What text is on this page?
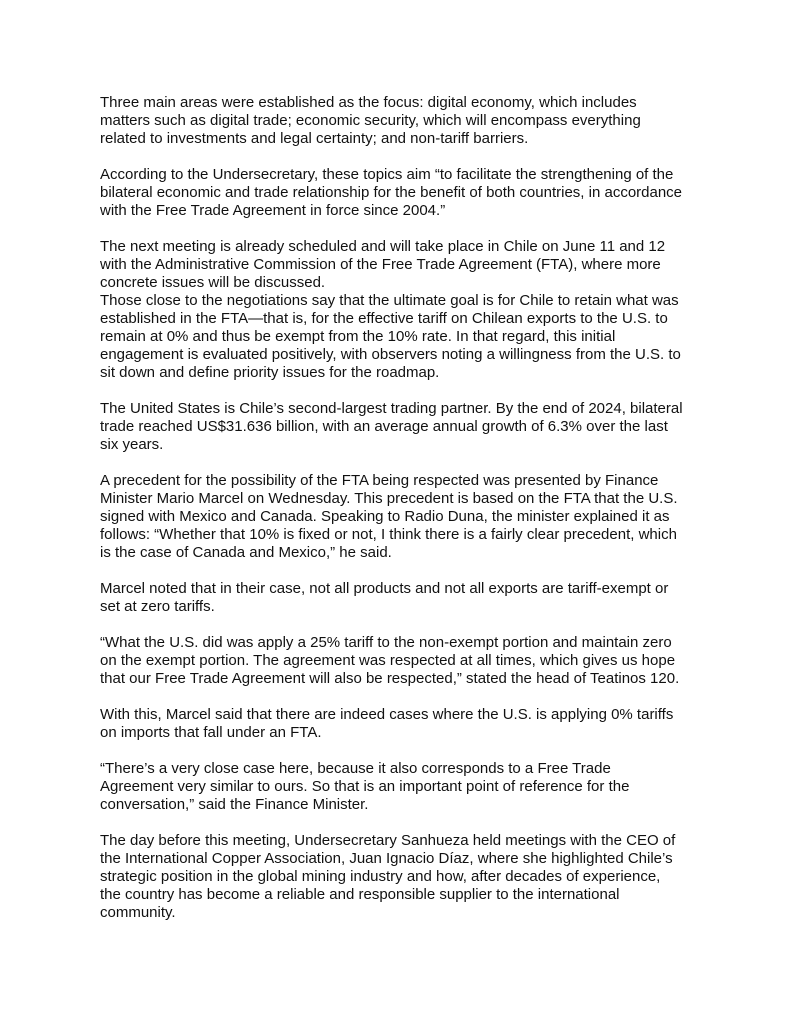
Three main areas were established as the focus: digital economy, which includes
matters such as digital trade; economic security, which will encompass everything
related to investments and legal certainty; and non-tariff barriers.

According to the Undersecretary, these topics aim “to facilitate the strengthening of the
bilateral economic and trade relationship for the benefit of both countries, in accordance
with the Free Trade Agreement in force since 2004.”

The next meeting is already scheduled and will take place in Chile on June 11 and 12
with the Administrative Commission of the Free Trade Agreement (FTA), where more
concrete issues will be discussed.

Those close to the negotiations say that the ultimate goal is for Chile to retain what was
established in the FTA—that is, for the effective tariff on Chilean exports to the U.S. to
remain at 0% and thus be exempt from the 10% rate. In that regard, this initial
engagement is evaluated positively, with observers noting a willingness from the U.S. to
sit down and define priority issues for the roadmap.

The United States is Chile’s second-largest trading partner. By the end of 2024, bilateral
trade reached US$31.636 billion, with an average annual growth of 6.3% over the last
six years.

A precedent for the possibility of the FTA being respected was presented by Finance
Minister Mario Marcel on Wednesday. This precedent is based on the FTA that the U.S.
signed with Mexico and Canada. Speaking to Radio Duna, the minister explained it as
follows: “Whether that 10% is fixed or not, I think there is a fairly clear precedent, which
is the case of Canada and Mexico,” he said.

Marcel noted that in their case, not all products and not all exports are tariff-exempt or
set at zero tariffs.

“What the U.S. did was apply a 25% tariff to the non-exempt portion and maintain zero
on the exempt portion. The agreement was respected at all times, which gives us hope
that our Free Trade Agreement will also be respected,” stated the head of Teatinos 120.

With this, Marcel said that there are indeed cases where the U.S. is applying 0% tariffs
on imports that fall under an FTA.

“There’s a very close case here, because it also corresponds to a Free Trade
Agreement very similar to ours. So that is an important point of reference for the
conversation,” said the Finance Minister.

The day before this meeting, Undersecretary Sanhueza held meetings with the CEO of
the International Copper Association, Juan Ignacio Díaz, where she highlighted Chile’s
strategic position in the global mining industry and how, after decades of experience,
the country has become a reliable and responsible supplier to the international
community.
